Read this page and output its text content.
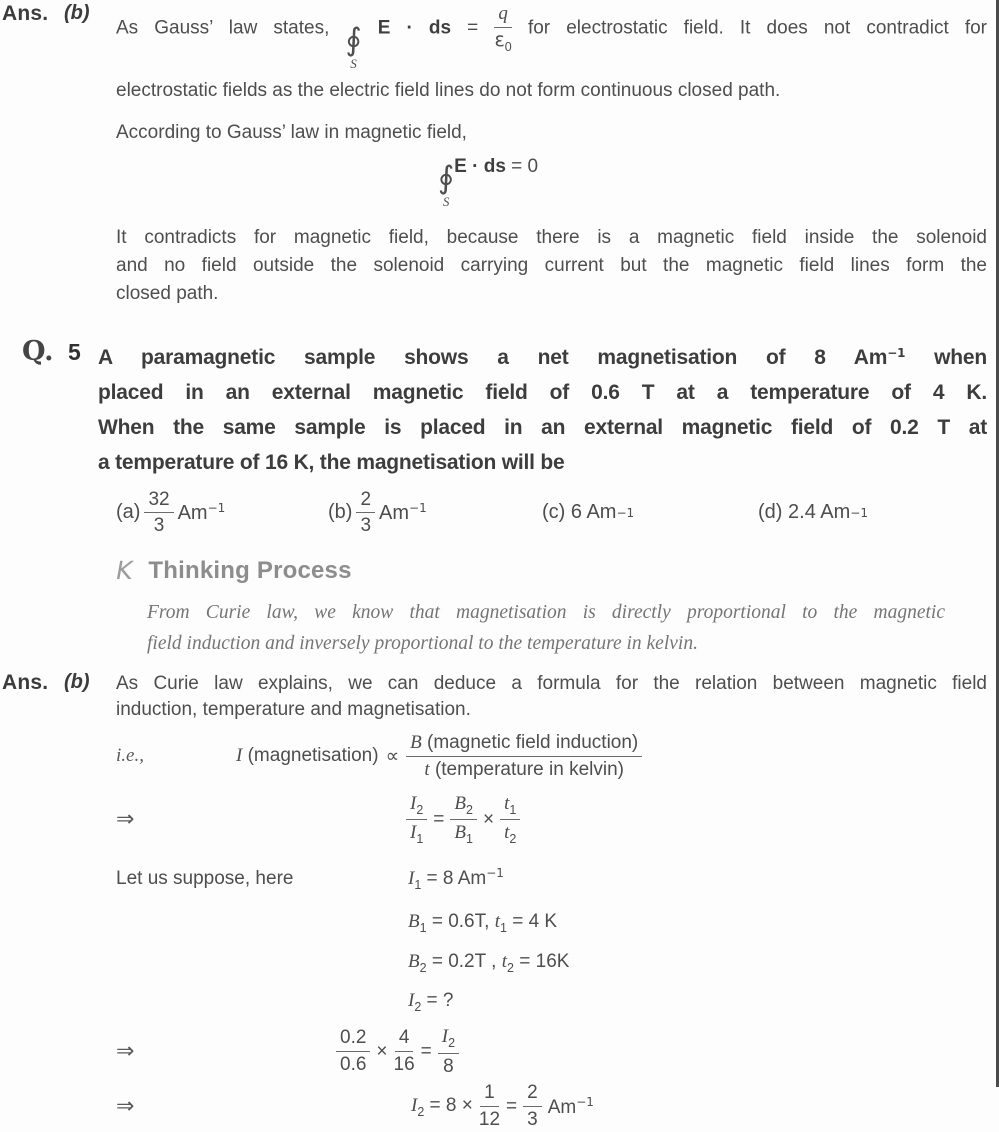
Ans. (b)
As Gauss’ law states, ∮
S
E · ds = $\frac{q}{\varepsilon_0}$ for electrostatic field. It does not contradict for
electrostatic fields as the electric field lines do not form continuous closed path.
According to Gauss’ law in magnetic field,
∮
S
E · ds = 0
It contradicts for magnetic field, because there is a magnetic field inside the solenoid
and no field outside the solenoid carrying current but the magnetic field lines form the
closed path.
Q. 5 A paramagnetic sample shows a net magnetisation of 8 $Am^{-1}$ when
placed in an external magnetic field of 0.6 T at a temperature of 4 K.
When the same sample is placed in an external magnetic field of 0.2 T at
a temperature of 16 K, the magnetisation will be
(a)
32
3
$Am^{-1}$	(b)
2
3
$Am^{-1}$	(c)
6 Am −1	(d)
2.4 Am −1
K Thinking Process
From Curie law, we know that magnetisation is directly proportional to the magnetic
field induction and inversely proportional to the temperature in kelvin.
Ans. (b)	As Curie law explains, we can deduce a formula for the relation between magnetic field
induction, temperature and magnetisation.
i.e.,	I
(magnetisation) ∝
B (magnetic field induction)
t (temperature in kelvin)
⇒	$\frac{I_2}{I_1} = \frac{B_2}{B_1} \times \frac{t_1}{t_2}$
Let us suppose, here	$I_1 = 8$ $Am^{-1}$
$B_1 = 0.6T$, $t_1 = 4$ K
$B_2 = 0.2T$ , $t_2 = 16K$
$I_2$ = ?
⇒	$\frac{0.2}{0.6} \times \frac{4}{16} = \frac{I_2}{8}$
⇒	$I_2 = 8 \times \frac{1}{12} = \frac{2}{3} Am^{-1}$
